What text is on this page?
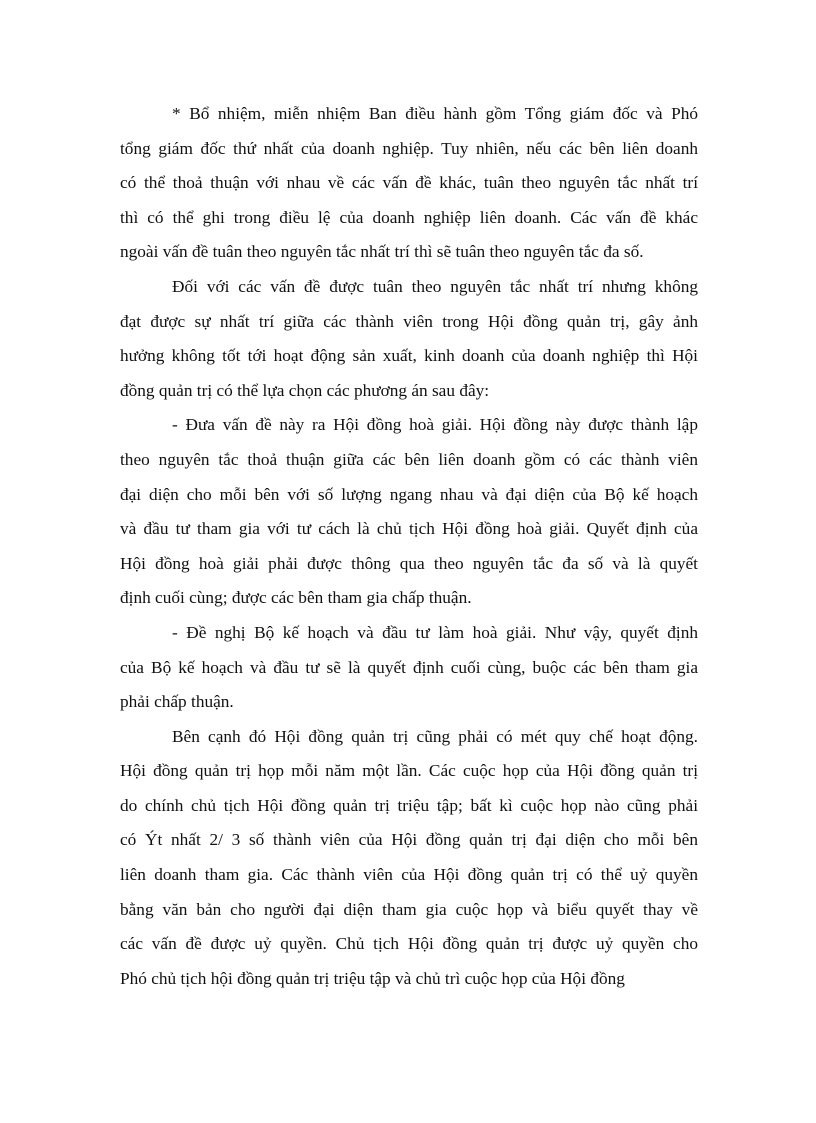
* Bổ nhiệm, miễn nhiệm Ban điều hành gồm Tổng giám đốc và Phó
tổng giám đốc thứ nhất của doanh nghiệp. Tuy nhiên, nếu các bên liên doanh
có thể thoả thuận với nhau về các vấn đề khác, tuân theo nguyên tắc nhất trí
thì có thể ghi trong điều lệ của doanh nghiệp liên doanh. Các vấn đề khác
ngoài vấn đề tuân theo nguyên tắc nhất trí thì sẽ tuân theo nguyên tắc đa số.

Đối với các vấn đề được tuân theo nguyên tắc nhất trí nhưng không
đạt được sự nhất trí giữa các thành viên trong Hội đồng quản trị, gây ảnh
hưởng không tốt tới hoạt động sản xuất, kinh doanh của doanh nghiệp thì Hội
đồng quản trị có thể lựa chọn các phương án sau đây:

- Đưa vấn đề này ra Hội đồng hoà giải. Hội đồng này được thành lập
theo nguyên tắc thoả thuận giữa các bên liên doanh gồm có các thành viên
đại diện cho mỗi bên với số lượng ngang nhau và đại diện của Bộ kế hoạch
và đầu tư tham gia với tư cách là chủ tịch Hội đồng hoà giải. Quyết định của
Hội đồng hoà giải phải được thông qua theo nguyên tắc đa số và là quyết
định cuối cùng; được các bên tham gia chấp thuận.

- Đề nghị Bộ kế hoạch và đầu tư làm hoà giải. Như vậy, quyết định
của Bộ kế hoạch và đầu tư sẽ là quyết định cuối cùng, buộc các bên tham gia
phải chấp thuận.

Bên cạnh đó Hội đồng quản trị cũng phải có mét quy chế hoạt động.
Hội đồng quản trị họp mỗi năm một lần. Các cuộc họp của Hội đồng quản trị
do chính chủ tịch Hội đồng quản trị triệu tập; bất kì cuộc họp nào cũng phải
có Ýt nhất 2/ 3 số thành viên của Hội đồng quản trị đại diện cho mỗi bên
liên doanh tham gia. Các thành viên của Hội đồng quản trị có thể uỷ quyền
bằng văn bản cho người đại diện tham gia cuộc họp và biểu quyết thay về
các vấn đề được uỷ quyền. Chủ tịch Hội đồng quản trị được uỷ quyền cho
Phó chủ tịch hội đồng quản trị triệu tập và chủ trì cuộc họp của Hội đồng
